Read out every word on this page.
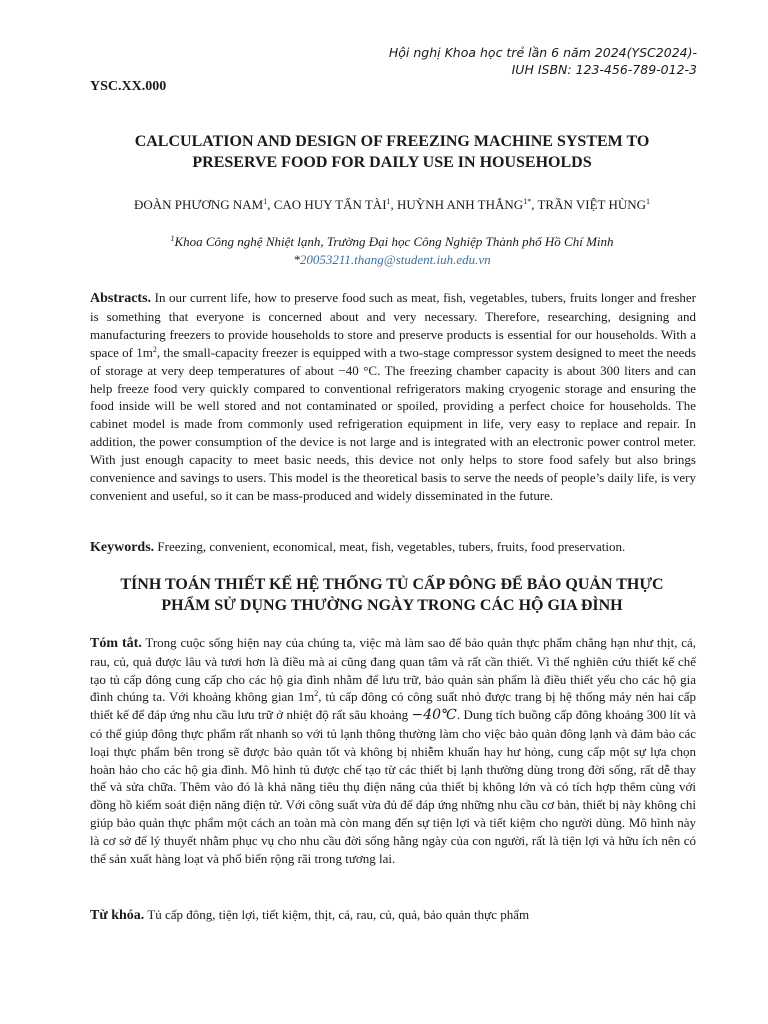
Hội nghị Khoa học trẻ lần 6 năm 2024(YSC2024)-
IUH ISBN: 123-456-789-012-3
YSC.XX.000
CALCULATION AND DESIGN OF FREEZING MACHINE SYSTEM TO
PRESERVE FOOD FOR DAILY USE IN HOUSEHOLDS
ĐOÀN PHƯƠNG NAM$^1$, CAO HUY TẤN TÀI$^1$, HUỲNH ANH THẮNG$^{1*}$, TRẦN VIỆT HÙNG$^1$
$^1$Khoa Công nghệ Nhiệt lạnh, Trường Đại học Công Nghiệp Thành phố Hồ Chí Minh
*20053211.thang@student.iuh.edu.vn
Abstracts. In our current life, how to preserve food such as meat, fish, vegetables, tubers, fruits longer and fresher is something that everyone is concerned about and very necessary. Therefore, researching, designing and manufacturing freezers to provide households to store and preserve products is essential for our households. With a space of $1m^2$, the small-capacity freezer is equipped with a two-stage compressor system designed to meet the needs of storage at very deep temperatures of about −40 °C. The freezing chamber capacity is about 300 liters and can help freeze food very quickly compared to conventional refrigerators making cryogenic storage and ensuring the food inside will be well stored and not contaminated or spoiled, providing a perfect choice for households. The cabinet model is made from commonly used refrigeration equipment in life, very easy to replace and repair. In addition, the power consumption of the device is not large and is integrated with an electronic power control meter. With just enough capacity to meet basic needs, this device not only helps to store food safely but also brings convenience and savings to users. This model is the theoretical basis to serve the needs of people’s daily life, is very convenient and useful, so it can be mass-produced and widely disseminated in the future.
Keywords. Freezing, convenient, economical, meat, fish, vegetables, tubers, fruits, food preservation.
TÍNH TOÁN THIẾT KẾ HỆ THỐNG TỦ CẤP ĐÔNG ĐỂ BẢO QUẢN THỰC
PHẨM SỬ DỤNG THƯỜNG NGÀY TRONG CÁC HỘ GIA ĐÌNH
Tóm tắt. Trong cuộc sống hiện nay của chúng ta, việc mà làm sao để bảo quản thực phẩm chẳng hạn như thịt, cá, rau, củ, quả được lâu và tươi hơn là điều mà ai cũng đang quan tâm và rất cần thiết. Vì thế nghiên cứu thiết kế chế tạo tủ cấp đông cung cấp cho các hộ gia đình nhằm để lưu trữ, bảo quản sản phẩm là điều thiết yếu cho các hộ gia đình chúng ta. Với khoảng không gian $1m^2$, tủ cấp đông có công suất nhỏ được trang bị hệ thống máy nén hai cấp thiết kế để đáp ứng nhu cầu lưu trữ ở nhiệt độ rất sâu khoảng −40℃. Dung tích buồng cấp đông khoảng 300 lít và có thể giúp đông thực phẩm rất nhanh so với tủ lạnh thông thường làm cho việc bảo quản đông lạnh và đảm bảo các loại thực phẩm bên trong sẽ được bảo quản tốt và không bị nhiễm khuẩn hay hư hỏng, cung cấp một sự lựa chọn hoàn hảo cho các hộ gia đình. Mô hình tủ được chế tạo từ các thiết bị lạnh thường dùng trong đời sống, rất dễ thay thế và sửa chữa. Thêm vào đó là khả năng tiêu thụ điện năng của thiết bị không lớn và có tích hợp thêm cùng với đồng hồ kiểm soát điện năng điện tử. Với công suất vừa đủ để đáp ứng những nhu cầu cơ bản, thiết bị này không chỉ giúp bảo quản thực phẩm một cách an toàn mà còn mang đến sự tiện lợi và tiết kiệm cho người dùng. Mô hình này là cơ sở để lý thuyết nhằm phục vụ cho nhu cầu đời sống hằng ngày của con người, rất là tiện lợi và hữu ích nên có thể sản xuất hàng loạt và phổ biến rộng rãi trong tương lai.
Từ khóa. Tủ cấp đông, tiện lợi, tiết kiệm, thịt, cá, rau, củ, quả, bảo quản thực phẩm
